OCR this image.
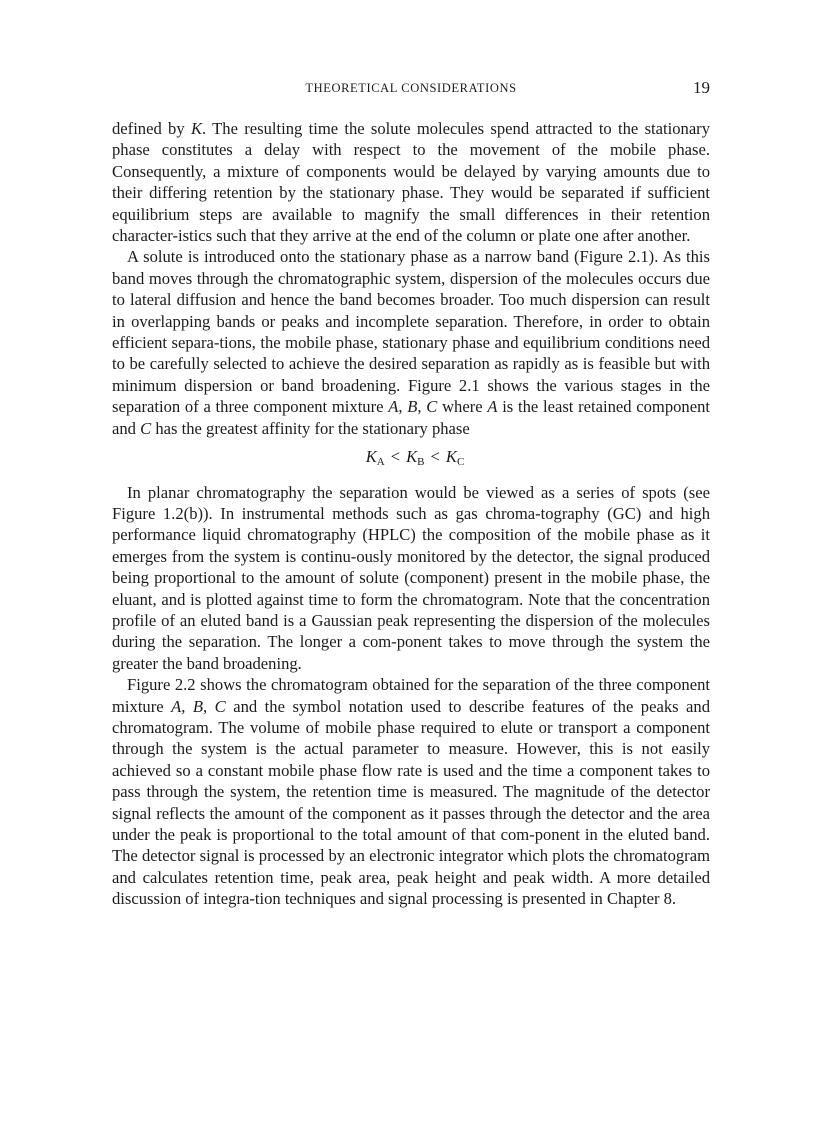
THEORETICAL CONSIDERATIONS	19

defined by K. The resulting time the solute molecules spend attracted to the stationary phase constitutes a delay with respect to the movement of the mobile phase. Consequently, a mixture of components would be delayed by varying amounts due to their differing retention by the stationary phase. They would be separated if sufficient equilibrium steps are available to magnify the small differences in their retention character-istics such that they arrive at the end of the column or plate one after another.

A solute is introduced onto the stationary phase as a narrow band (Figure 2.1). As this band moves through the chromatographic system, dispersion of the molecules occurs due to lateral diffusion and hence the band becomes broader. Too much dispersion can result in overlapping bands or peaks and incomplete separation. Therefore, in order to obtain efficient separa-tions, the mobile phase, stationary phase and equilibrium conditions need to be carefully selected to achieve the desired separation as rapidly as is feasible but with minimum dispersion or band broadening. Figure 2.1 shows the various stages in the separation of a three component mixture A, B, C where A is the least retained component and C has the greatest affinity for the stationary phase

$K_A < K_B < K_C$

In planar chromatography the separation would be viewed as a series of spots (see Figure 1.2(b)). In instrumental methods such as gas chroma-tography (GC) and high performance liquid chromatography (HPLC) the composition of the mobile phase as it emerges from the system is continu-ously monitored by the detector, the signal produced being proportional to the amount of solute (component) present in the mobile phase, the eluant, and is plotted against time to form the chromatogram. Note that the concentration profile of an eluted band is a Gaussian peak representing the dispersion of the molecules during the separation. The longer a com-ponent takes to move through the system the greater the band broadening.

Figure 2.2 shows the chromatogram obtained for the separation of the three component mixture A, B, C and the symbol notation used to describe features of the peaks and chromatogram. The volume of mobile phase required to elute or transport a component through the system is the actual parameter to measure. However, this is not easily achieved so a constant mobile phase flow rate is used and the time a component takes to pass through the system, the retention time is measured. The magnitude of the detector signal reflects the amount of the component as it passes through the detector and the area under the peak is proportional to the total amount of that com-ponent in the eluted band. The detector signal is processed by an electronic integrator which plots the chromatogram and calculates retention time, peak area, peak height and peak width. A more detailed discussion of integra-tion techniques and signal processing is presented in Chapter 8.
